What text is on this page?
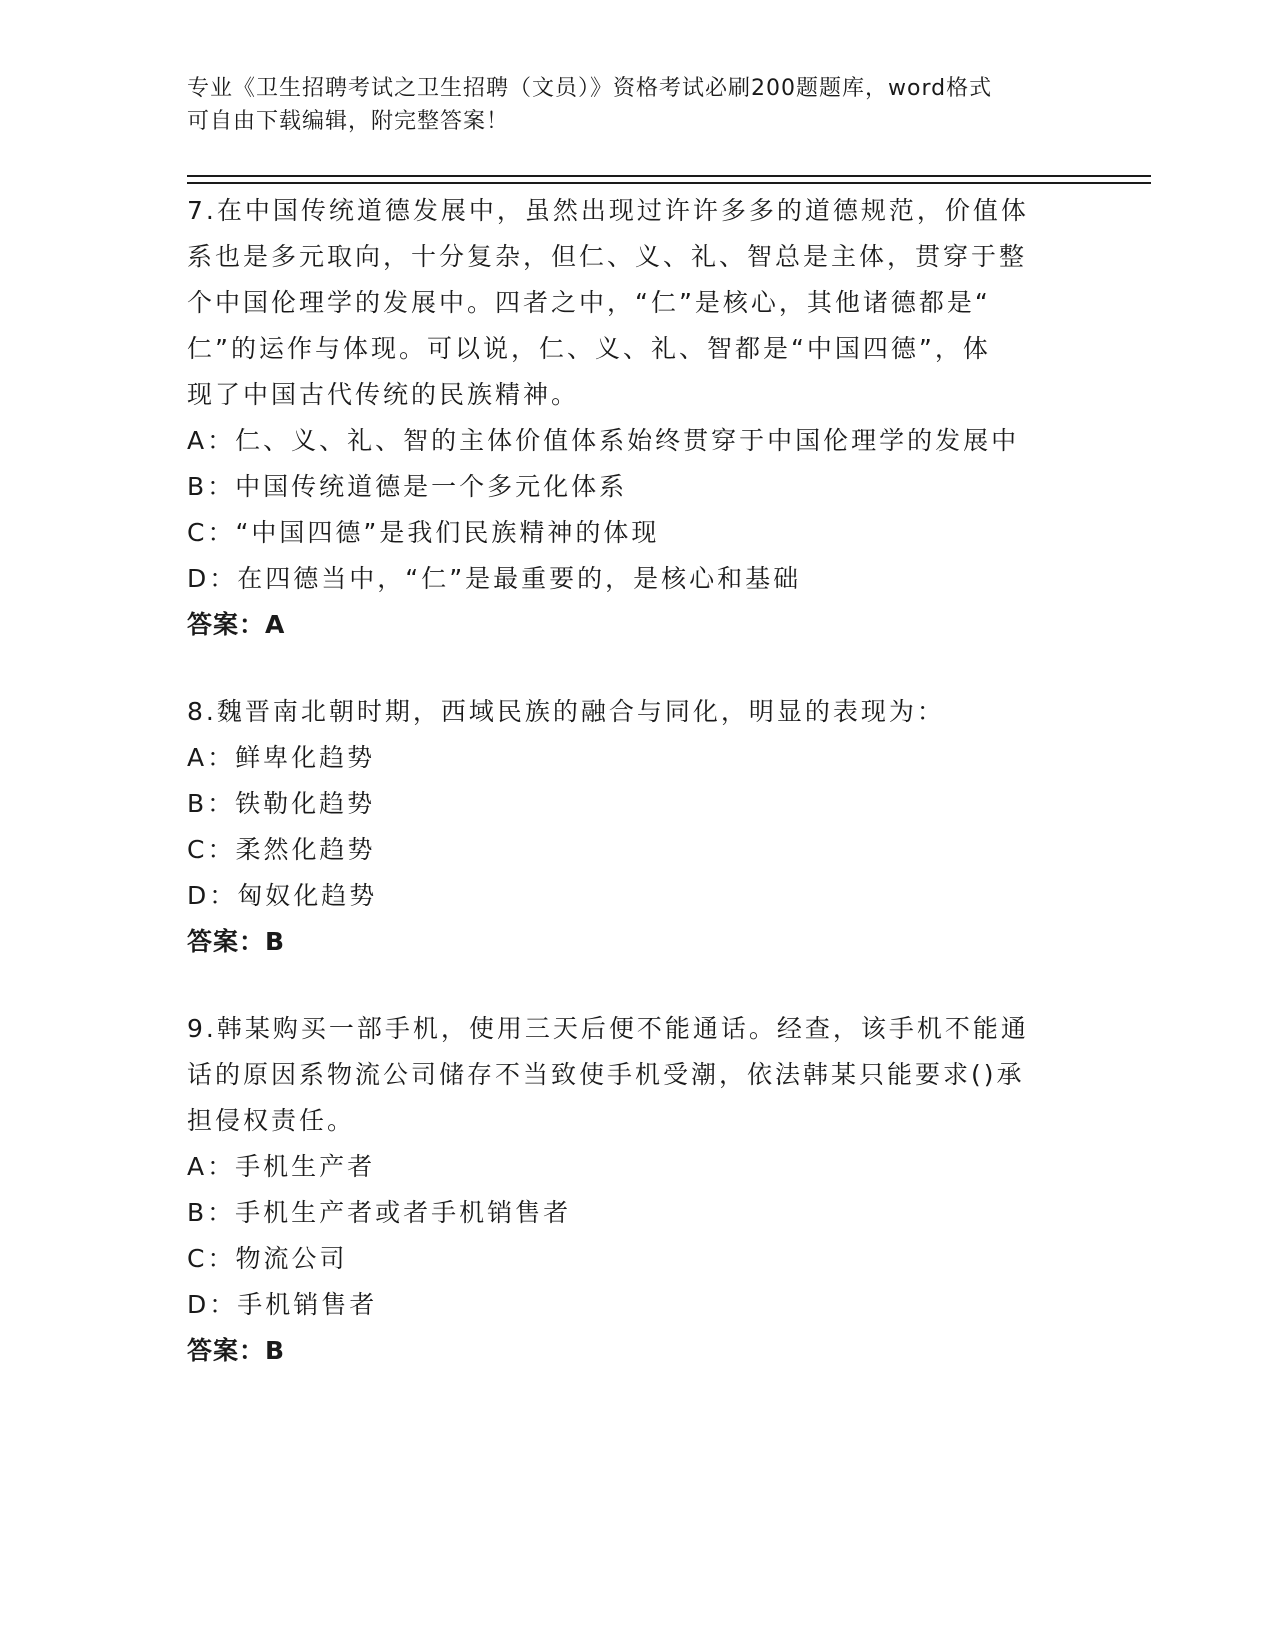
专业《卫生招聘考试之卫生招聘（文员）》资格考试必刷200题题库，word格式
可自由下载编辑，附完整答案！
7.在中国传统道德发展中，虽然出现过许许多多的道德规范，价值体
系也是多元取向，十分复杂，但仁、义、礼、智总是主体，贯穿于整
个中国伦理学的发展中。四者之中，“仁”是核心，其他诸德都是“
仁”的运作与体现。可以说，仁、义、礼、智都是“中国四德”，体
现了中国古代传统的民族精神。
A：仁、义、礼、智的主体价值体系始终贯穿于中国伦理学的发展中
B：中国传统道德是一个多元化体系
C：“中国四德”是我们民族精神的体现
D：在四德当中，“仁”是最重要的，是核心和基础
答案：A
8.魏晋南北朝时期，西域民族的融合与同化，明显的表现为：
A：鲜卑化趋势
B：铁勒化趋势
C：柔然化趋势
D：匈奴化趋势
答案：B
9.韩某购买一部手机，使用三天后便不能通话。经查，该手机不能通
话的原因系物流公司储存不当致使手机受潮，依法韩某只能要求()承
担侵权责任。
A：手机生产者
B：手机生产者或者手机销售者
C：物流公司
D：手机销售者
答案：B
